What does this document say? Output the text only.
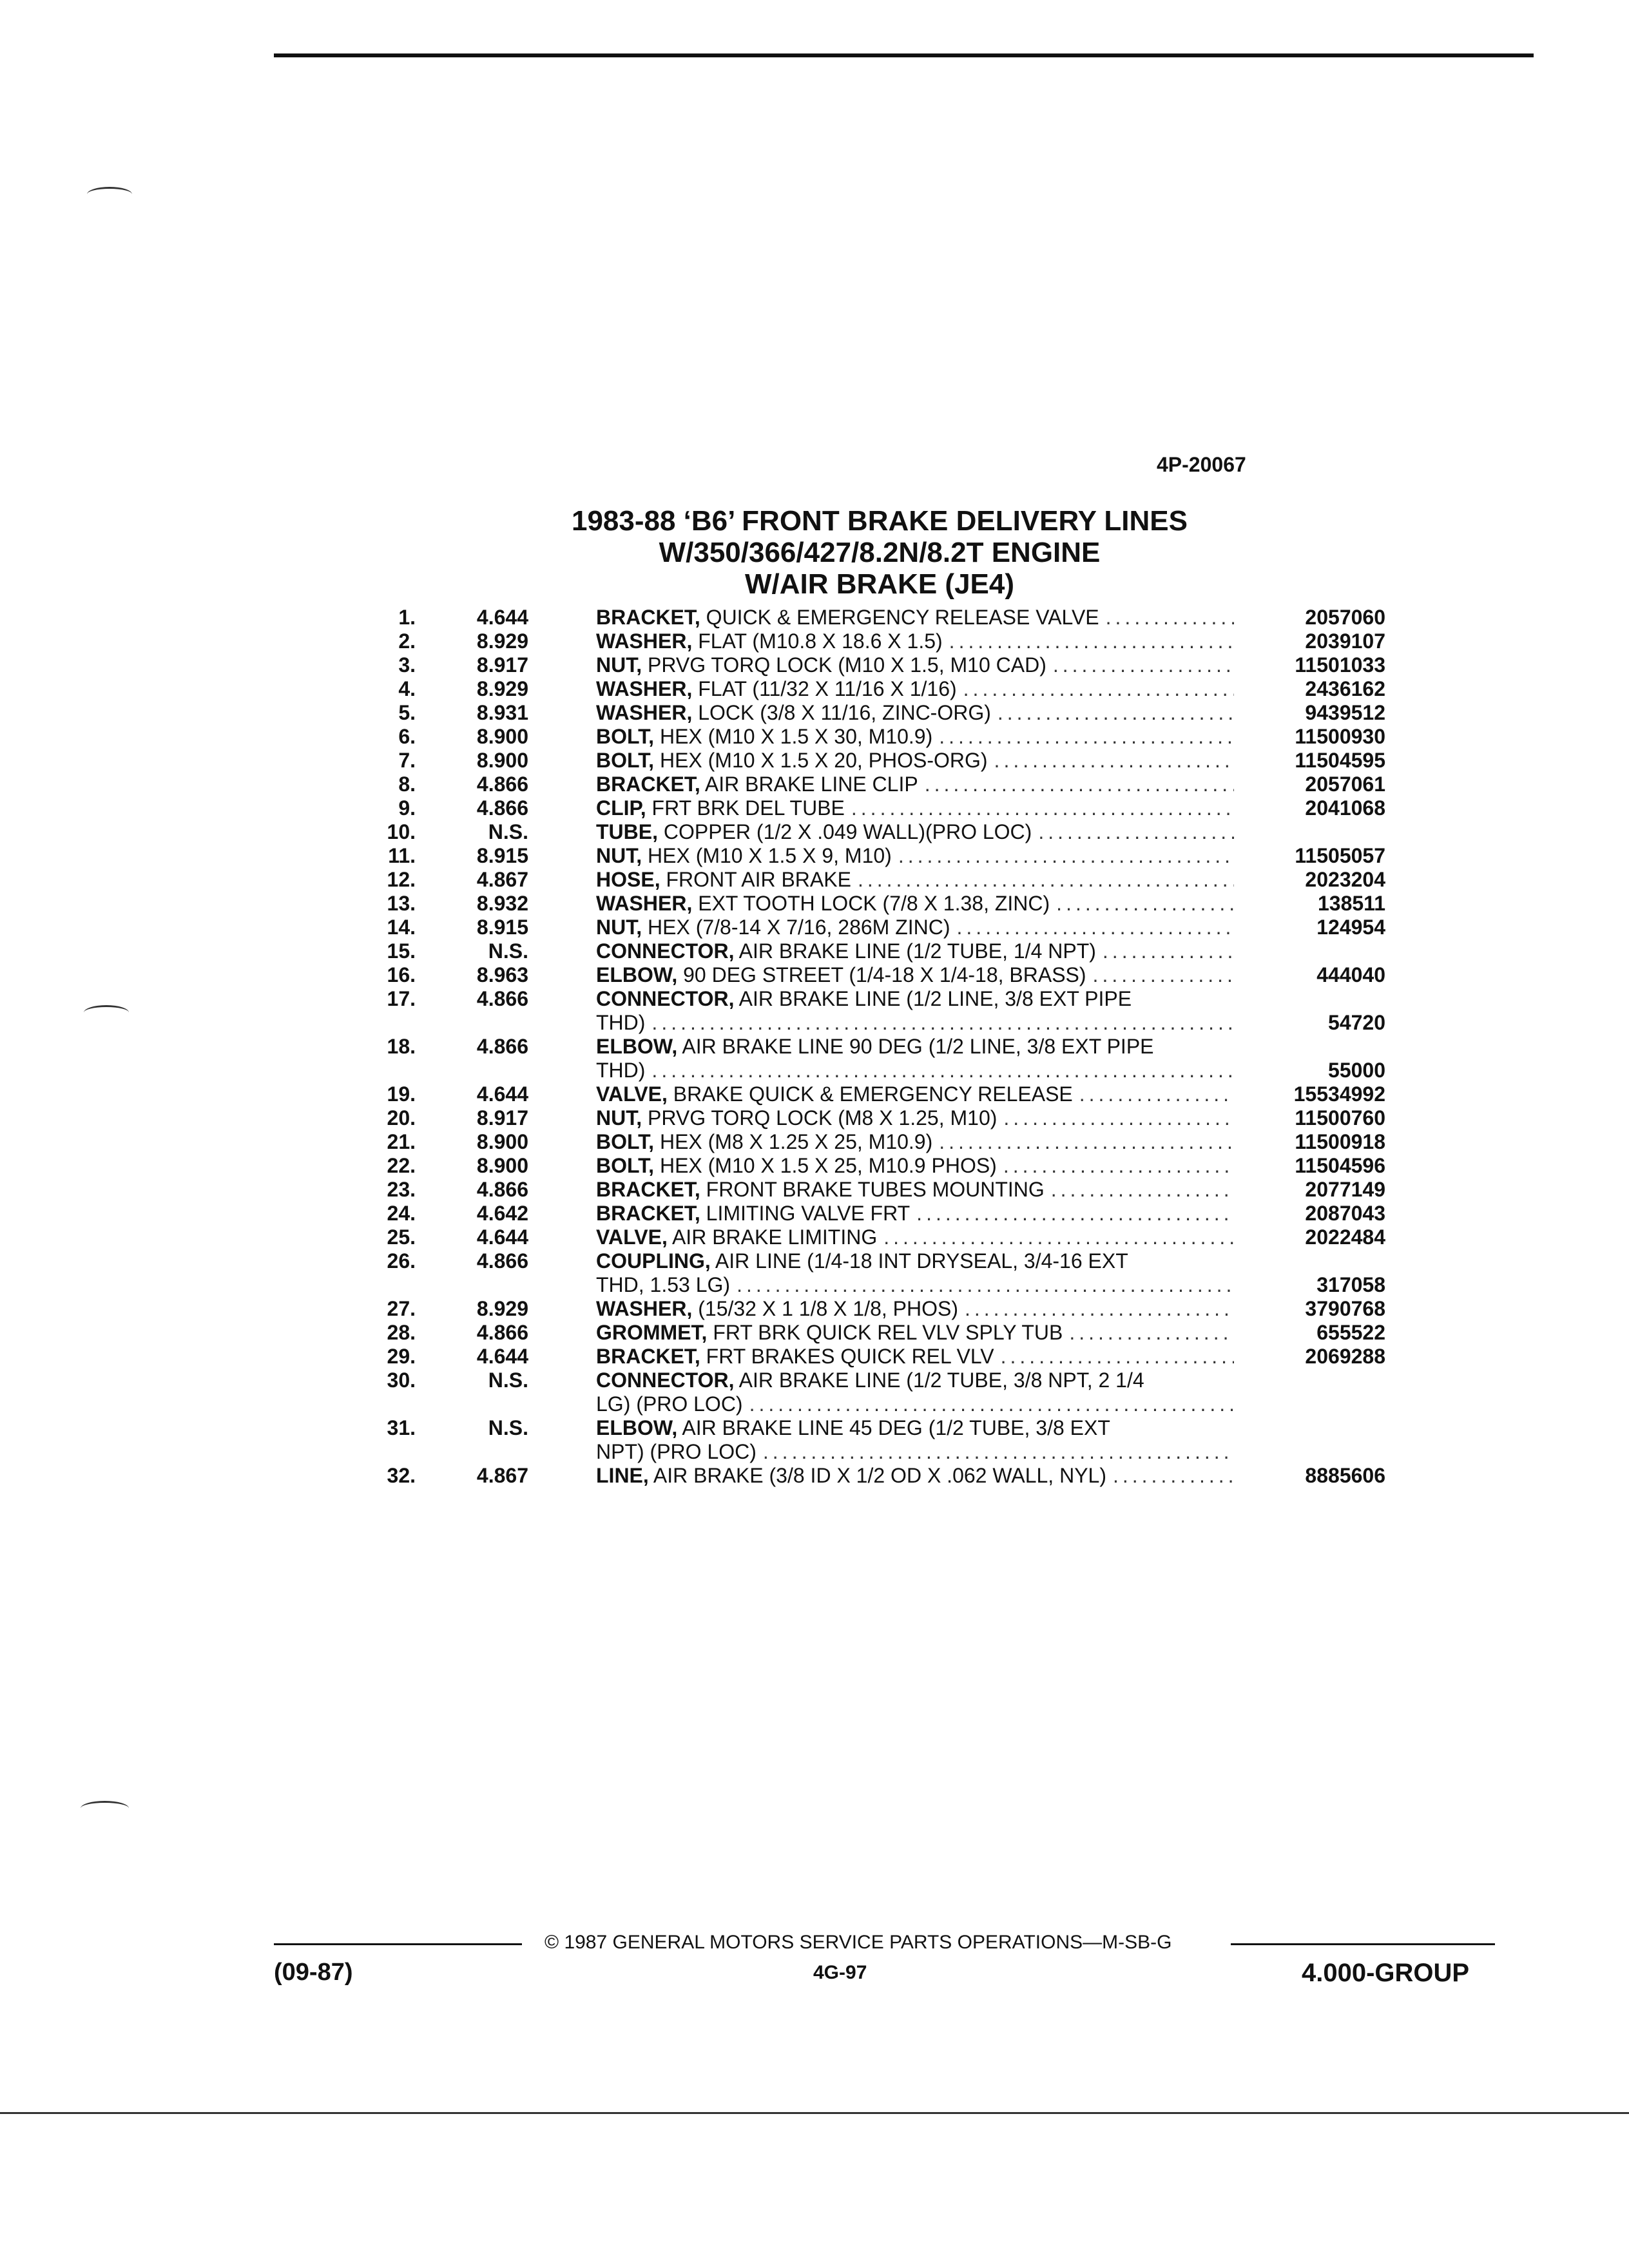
4P-20067
1983-88 ‘B6’ FRONT BRAKE DELIVERY LINES
W/350/366/427/8.2N/8.2T ENGINE
W/AIR BRAKE (JE4)
1.	4.644	BRACKET, QUICK & EMERGENCY RELEASE VALVE .....	2057060
2.	8.929	WASHER, FLAT (M10.8 X 18.6 X 1.5) .....	2039107
3.	8.917	NUT, PRVG TORQ LOCK (M10 X 1.5, M10 CAD) .....	11501033
4.	8.929	WASHER, FLAT (11/32 X 11/16 X 1/16) .....	2436162
5.	8.931	WASHER, LOCK (3/8 X 11/16, ZINC-ORG) .....	9439512
6.	8.900	BOLT, HEX (M10 X 1.5 X 30, M10.9) .....	11500930
7.	8.900	BOLT, HEX (M10 X 1.5 X 20, PHOS-ORG) .....	11504595
8.	4.866	BRACKET, AIR BRAKE LINE CLIP .....	2057061
9.	4.866	CLIP, FRT BRK DEL TUBE .....	2041068
10.	N.S.	TUBE, COPPER (1/2 X .049 WALL)(PRO LOC)
.....
11.	8.915	NUT, HEX (M10 X 1.5 X 9, M10) .....	11505057
12.	4.867	HOSE, FRONT AIR BRAKE .....	2023204
13.	8.932	WASHER, EXT TOOTH LOCK (7/8 X 1.38, ZINC) .....	138511
14.	8.915	NUT, HEX (7/8-14 X 7/16, 286M ZINC) .....	124954
15.	N.S.	CONNECTOR, AIR BRAKE LINE (1/2 TUBE, 1/4 NPT)
.....
16.	8.963	ELBOW, 90 DEG STREET (1/4-18 X 1/4-18, BRASS) .....	444040
17.	4.866	CONNECTOR, AIR BRAKE LINE (1/2 LINE, 3/8 EXT PIPE
THD) .....	54720
18.	4.866	ELBOW, AIR BRAKE LINE 90 DEG (1/2 LINE, 3/8 EXT PIPE
THD) .....	55000
19.	4.644	VALVE, BRAKE QUICK & EMERGENCY RELEASE .....	15534992
20.	8.917	NUT, PRVG TORQ LOCK (M8 X 1.25, M10) .....	11500760
21.	8.900	BOLT, HEX (M8 X 1.25 X 25, M10.9) .....	11500918
22.	8.900	BOLT, HEX (M10 X 1.5 X 25, M10.9 PHOS) .....	11504596
23.	4.866	BRACKET, FRONT BRAKE TUBES MOUNTING .....	2077149
24.	4.642	BRACKET, LIMITING VALVE FRT .....	2087043
25.	4.644	VALVE, AIR BRAKE LIMITING .....	2022484
26.	4.866	COUPLING, AIR LINE (1/4-18 INT DRYSEAL, 3/4-16 EXT
THD, 1.53 LG) .....	317058
27.	8.929	WASHER, (15/32 X 1 1/8 X 1/8, PHOS) .....	3790768
28.	4.866	GROMMET, FRT BRK QUICK REL VLV SPLY TUB .....	655522
29.	4.644	BRACKET, FRT BRAKES QUICK REL VLV .....	2069288
30.	N.S.	CONNECTOR, AIR BRAKE LINE (1/2 TUBE, 3/8 NPT, 2 1/4
LG) (PRO LOC)
.....
31.	N.S.	ELBOW, AIR BRAKE LINE 45 DEG (1/2 TUBE, 3/8 EXT
NPT) (PRO LOC)
.....
32.	4.867	LINE, AIR BRAKE (3/8 ID X 1/2 OD X .062 WALL, NYL) .....	8885606
© 1987 GENERAL MOTORS SERVICE PARTS OPERATIONS—M-SB-G
(09-87)	4G-97	4.000-GROUP
